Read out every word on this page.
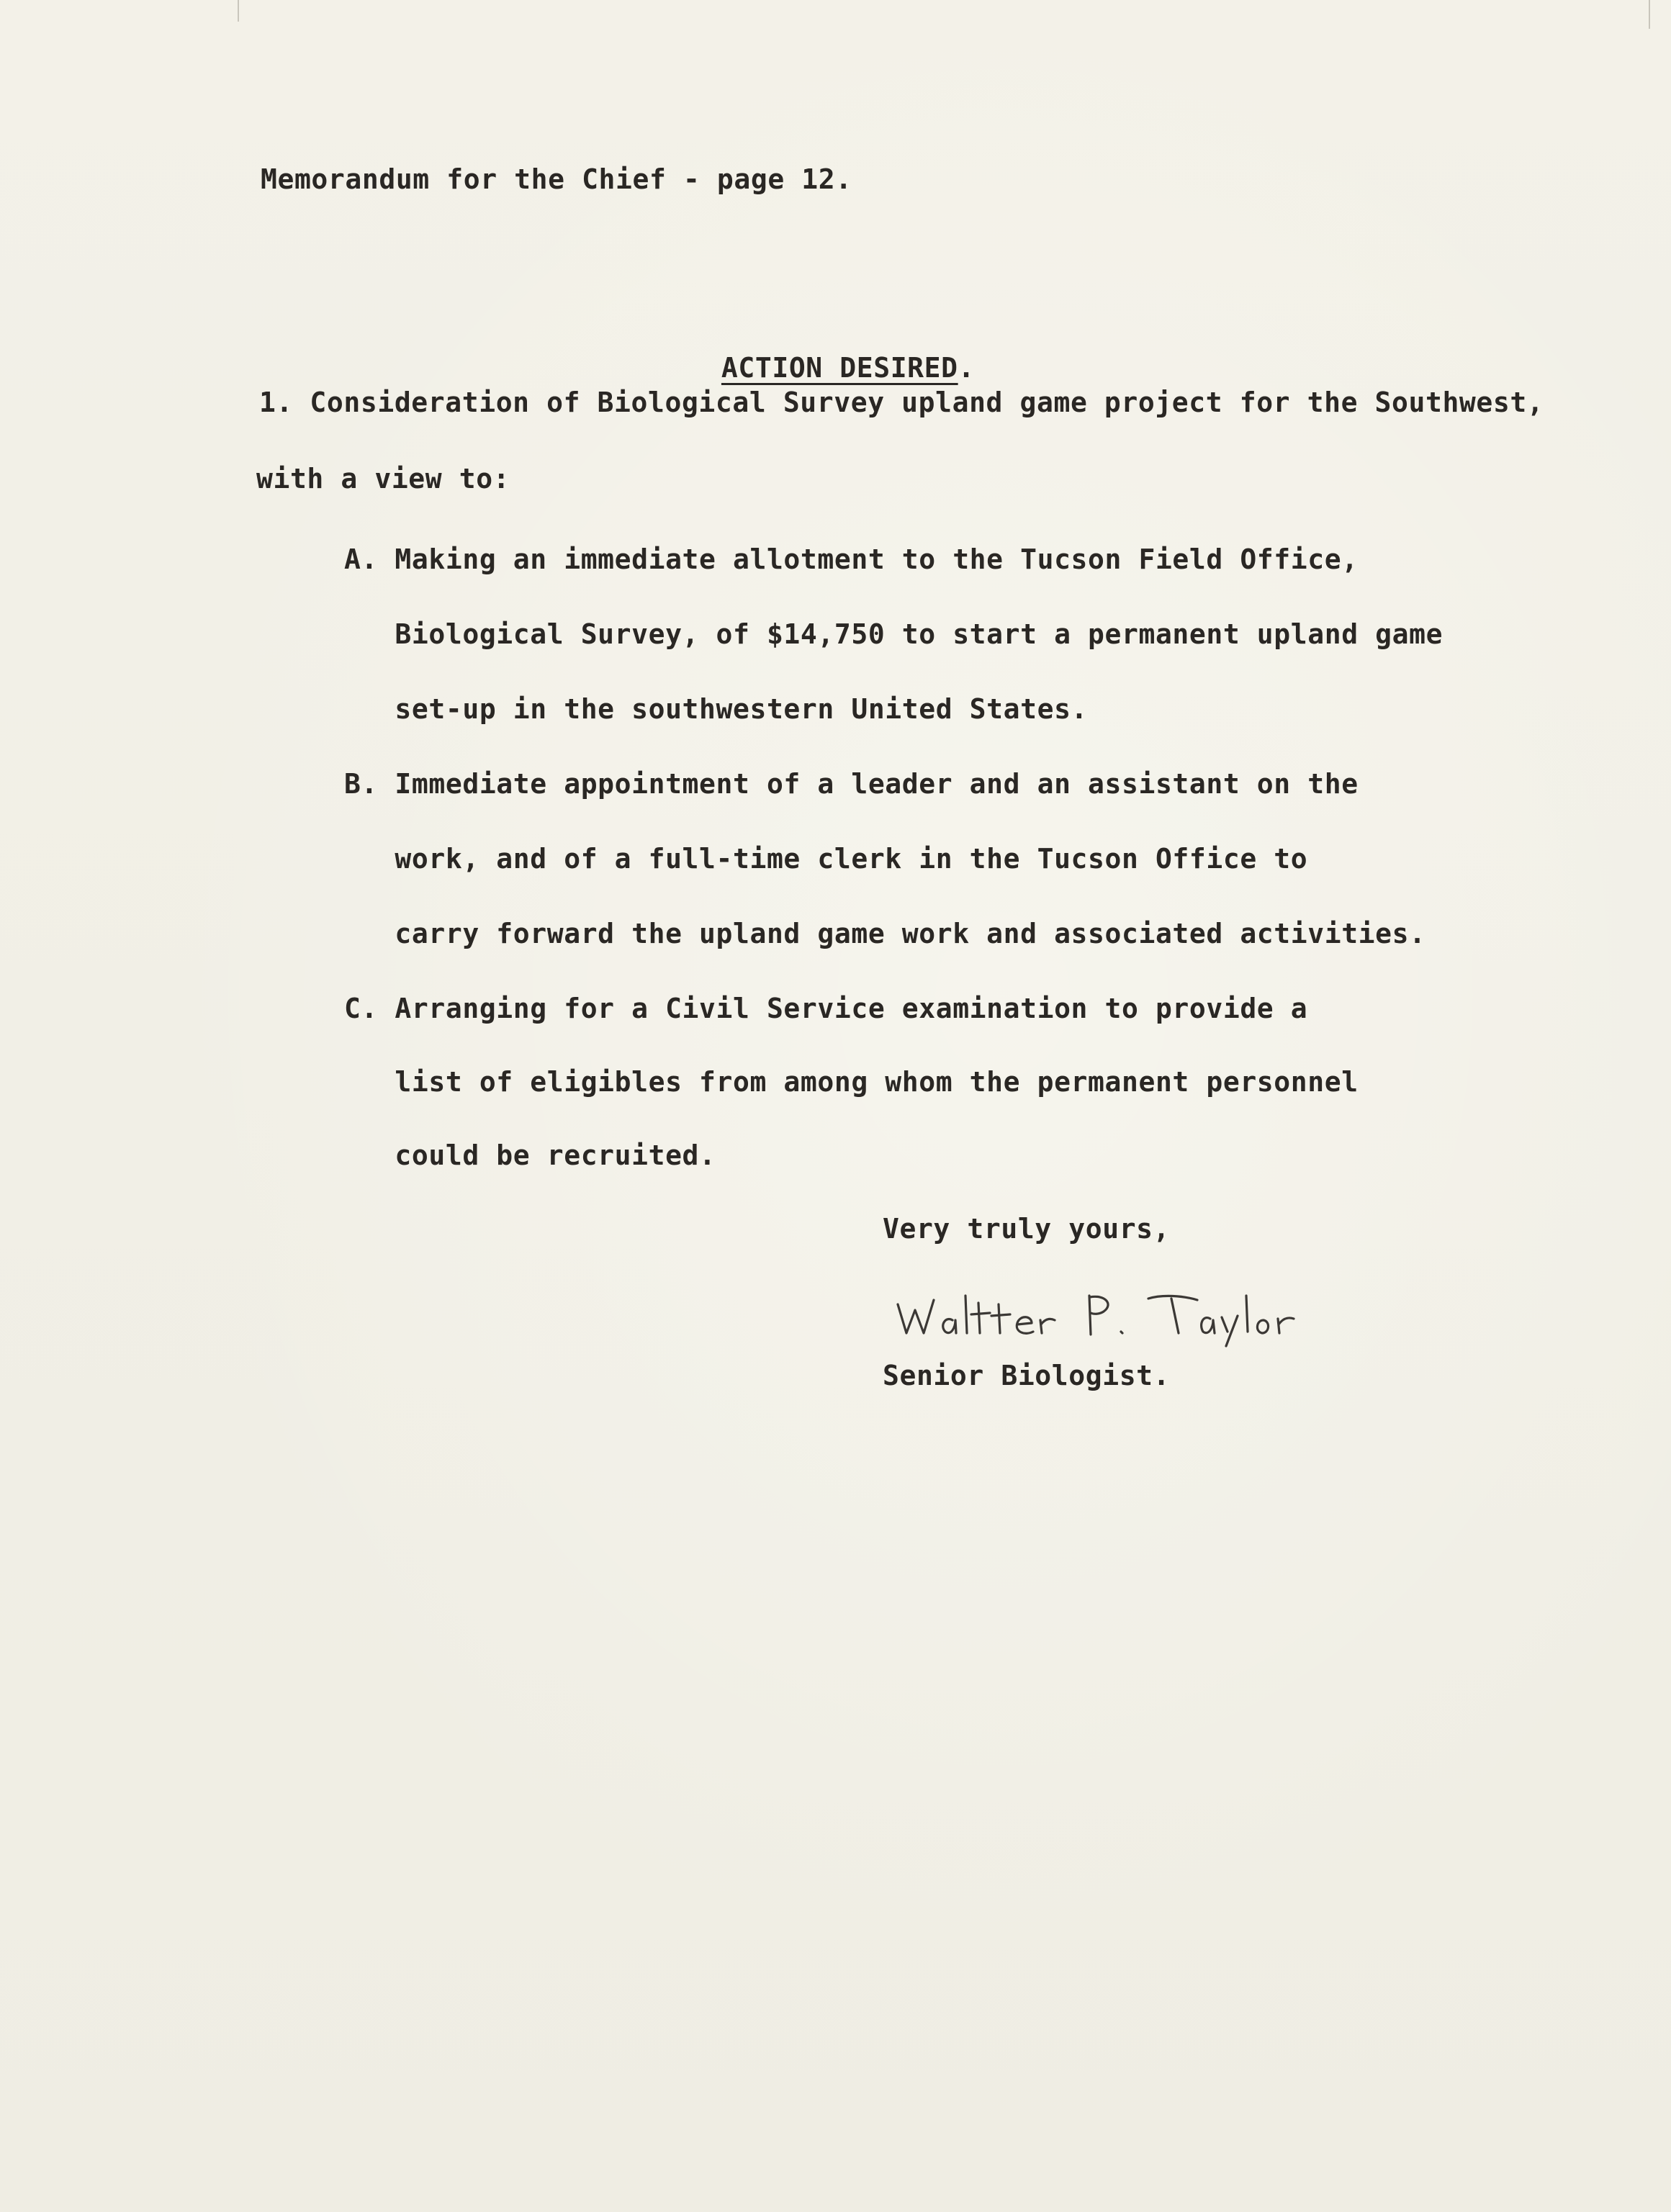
Memorandum for the Chief - page 12.

ACTION DESIRED.

1. Consideration of Biological Survey upland game project for the Southwest,
with a view to:
A. Making an immediate allotment to the Tucson Field Office,
Biological Survey, of $14,750 to start a permanent upland game
set-up in the southwestern United States.
B. Immediate appointment of a leader and an assistant on the
work, and of a full-time clerk in the Tucson Office to
carry forward the upland game work and associated activities.
C. Arranging for a Civil Service examination to provide a
list of eligibles from among whom the permanent personnel
could be recruited.
Very truly yours,
Senior Biologist.
